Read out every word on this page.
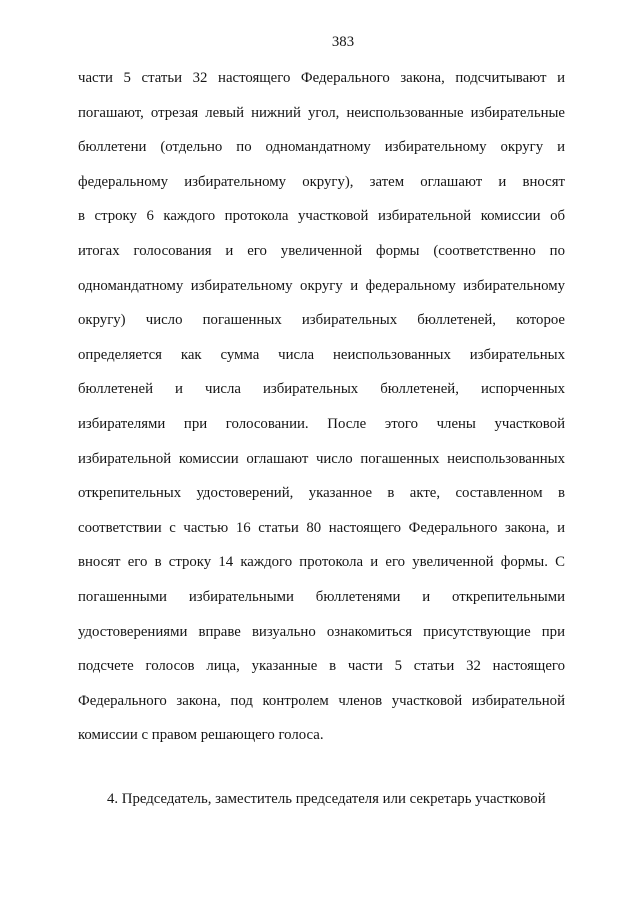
383
части 5 статьи 32 настоящего Федерального закона, подсчитывают и
погашают, отрезая левый нижний угол, неиспользованные избирательные
бюллетени (отдельно по одномандатному избирательному округу и
федеральному избирательному округу), затем оглашают и вносят
в строку 6 каждого протокола участковой избирательной комиссии об
итогах голосования и его увеличенной формы (соответственно по
одномандатному избирательному округу и федеральному избирательному
округу) число погашенных избирательных бюллетеней, которое
определяется как сумма числа неиспользованных избирательных
бюллетеней и числа избирательных бюллетеней, испорченных
избирателями при голосовании. После этого члены участковой
избирательной комиссии оглашают число погашенных неиспользованных
открепительных удостоверений, указанное в акте, составленном в
соответствии с частью 16 статьи 80 настоящего Федерального закона, и
вносят его в строку 14 каждого протокола и его увеличенной формы. С
погашенными избирательными бюллетенями и открепительными
удостоверениями вправе визуально ознакомиться присутствующие при
подсчете голосов лица, указанные в части 5 статьи 32 настоящего
Федерального закона, под контролем членов участковой избирательной
комиссии с правом решающего голоса.
4. Председатель, заместитель председателя или секретарь участковой
